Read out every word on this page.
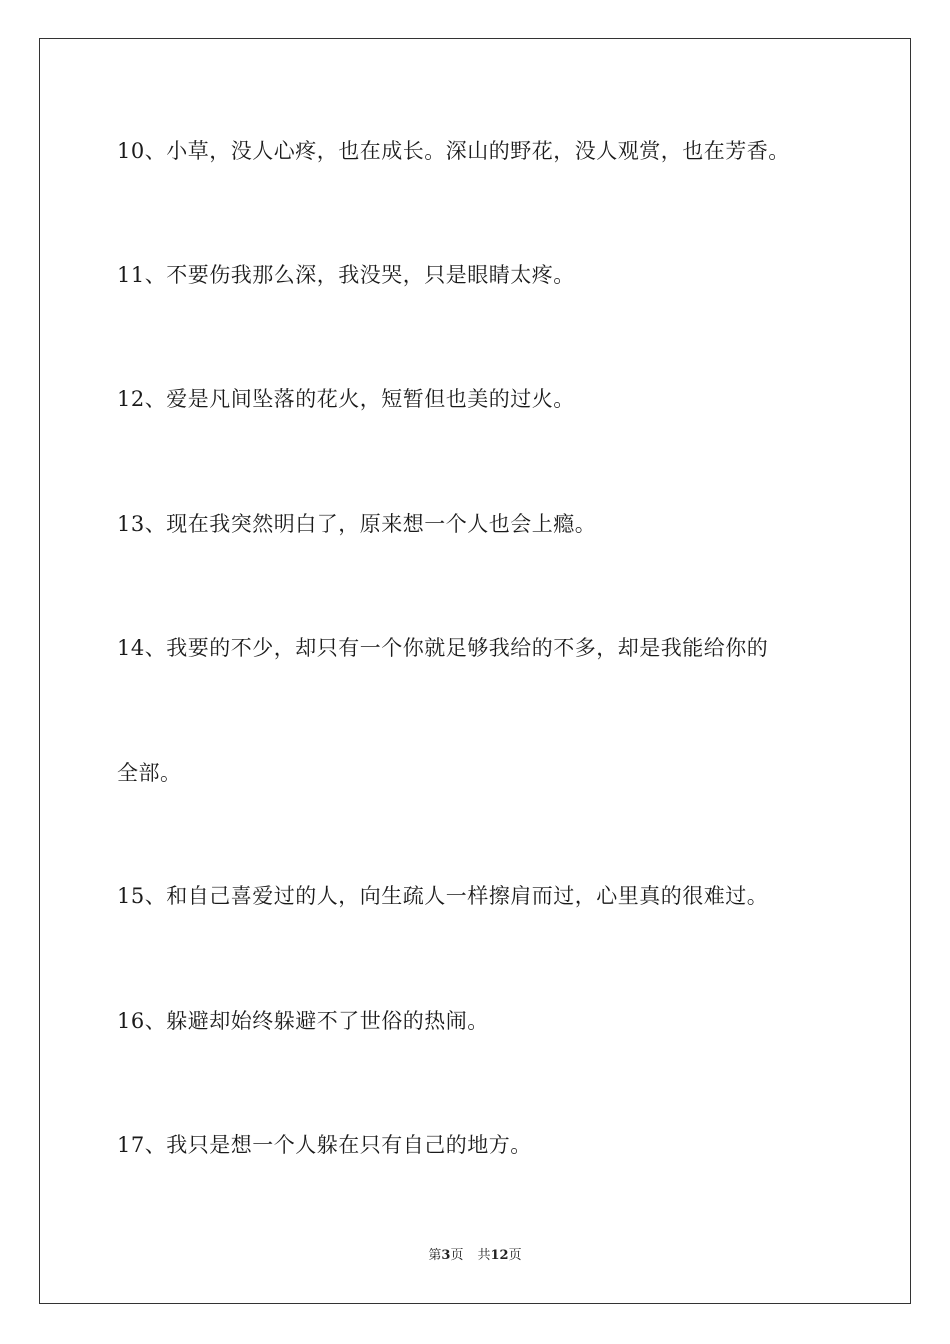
10、小草，没人心疼，也在成长。深山的野花，没人观赏，也在芳香。
11、不要伤我那么深，我没哭，只是眼睛太疼。
12、爱是凡间坠落的花火，短暂但也美的过火。
13、现在我突然明白了，原来想一个人也会上瘾。
14、我要的不少，却只有一个你就足够我给的不多，却是我能给你的
全部。
15、和自己喜爱过的人，向生疏人一样擦肩而过，心里真的很难过。
16、躲避却始终躲避不了世俗的热闹。
17、我只是想一个人躲在只有自己的地方。
第3页 共12页
